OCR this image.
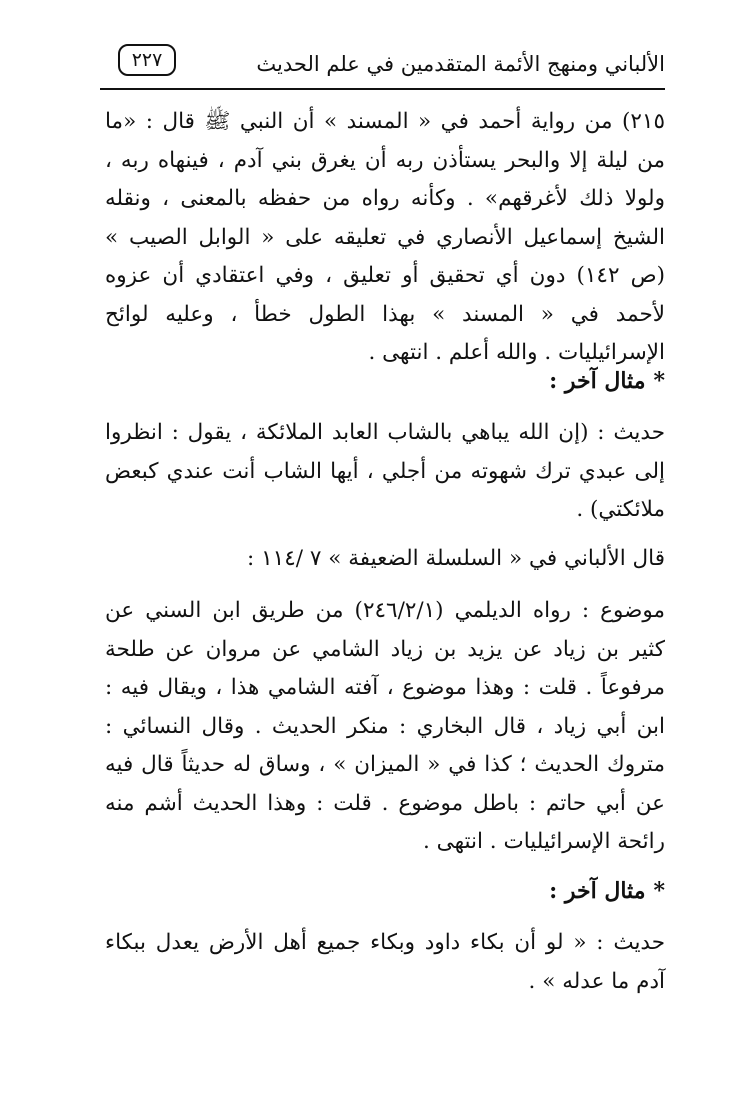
الألباني ومنهج الأئمة المتقدمين في علم الحديث
٢٢٧

٢١٥) من رواية أحمد في « المسند » أن النبي ﷺ قال : «ما من ليلة إلا والبحر يستأذن ربه أن يغرق بني آدم ، فينهاه ربه ، ولولا ذلك لأغرقهم» . وكأنه رواه من حفظه بالمعنى ، ونقله الشيخ إسماعيل الأنصاري في تعليقه على « الوابل الصيب » (ص ١٤٢) دون أي تحقيق أو تعليق ، وفي اعتقادي أن عزوه لأحمد في « المسند » بهذا الطول خطأ ، وعليه لوائح الإسرائيليات . والله أعلم . انتهى .

*مثال آخر :

حديث : (إن الله يباهي بالشاب العابد الملائكة ، يقول : انظروا إلى عبدي ترك شهوته من أجلي ، أيها الشاب أنت عندي كبعض ملائكتي) .

قال الألباني في « السلسلة الضعيفة » ٧ /١١٤ :

موضوع : رواه الديلمي (٢٤٦/٢/١) من طريق ابن السني عن كثير بن زياد عن يزيد بن زياد الشامي عن مروان عن طلحة مرفوعاً . قلت : وهذا موضوع ، آفته الشامي هذا ، ويقال فيه : ابن أبي زياد ، قال البخاري : منكر الحديث . وقال النسائي : متروك الحديث ؛ كذا في « الميزان » ، وساق له حديثاً قال فيه عن أبي حاتم : باطل موضوع . قلت : وهذا الحديث أشم منه رائحة الإسرائيليات . انتهى .

*مثال آخر :

حديث : « لو أن بكاء داود وبكاء جميع أهل الأرض يعدل ببكاء آدم ما عدله » .
